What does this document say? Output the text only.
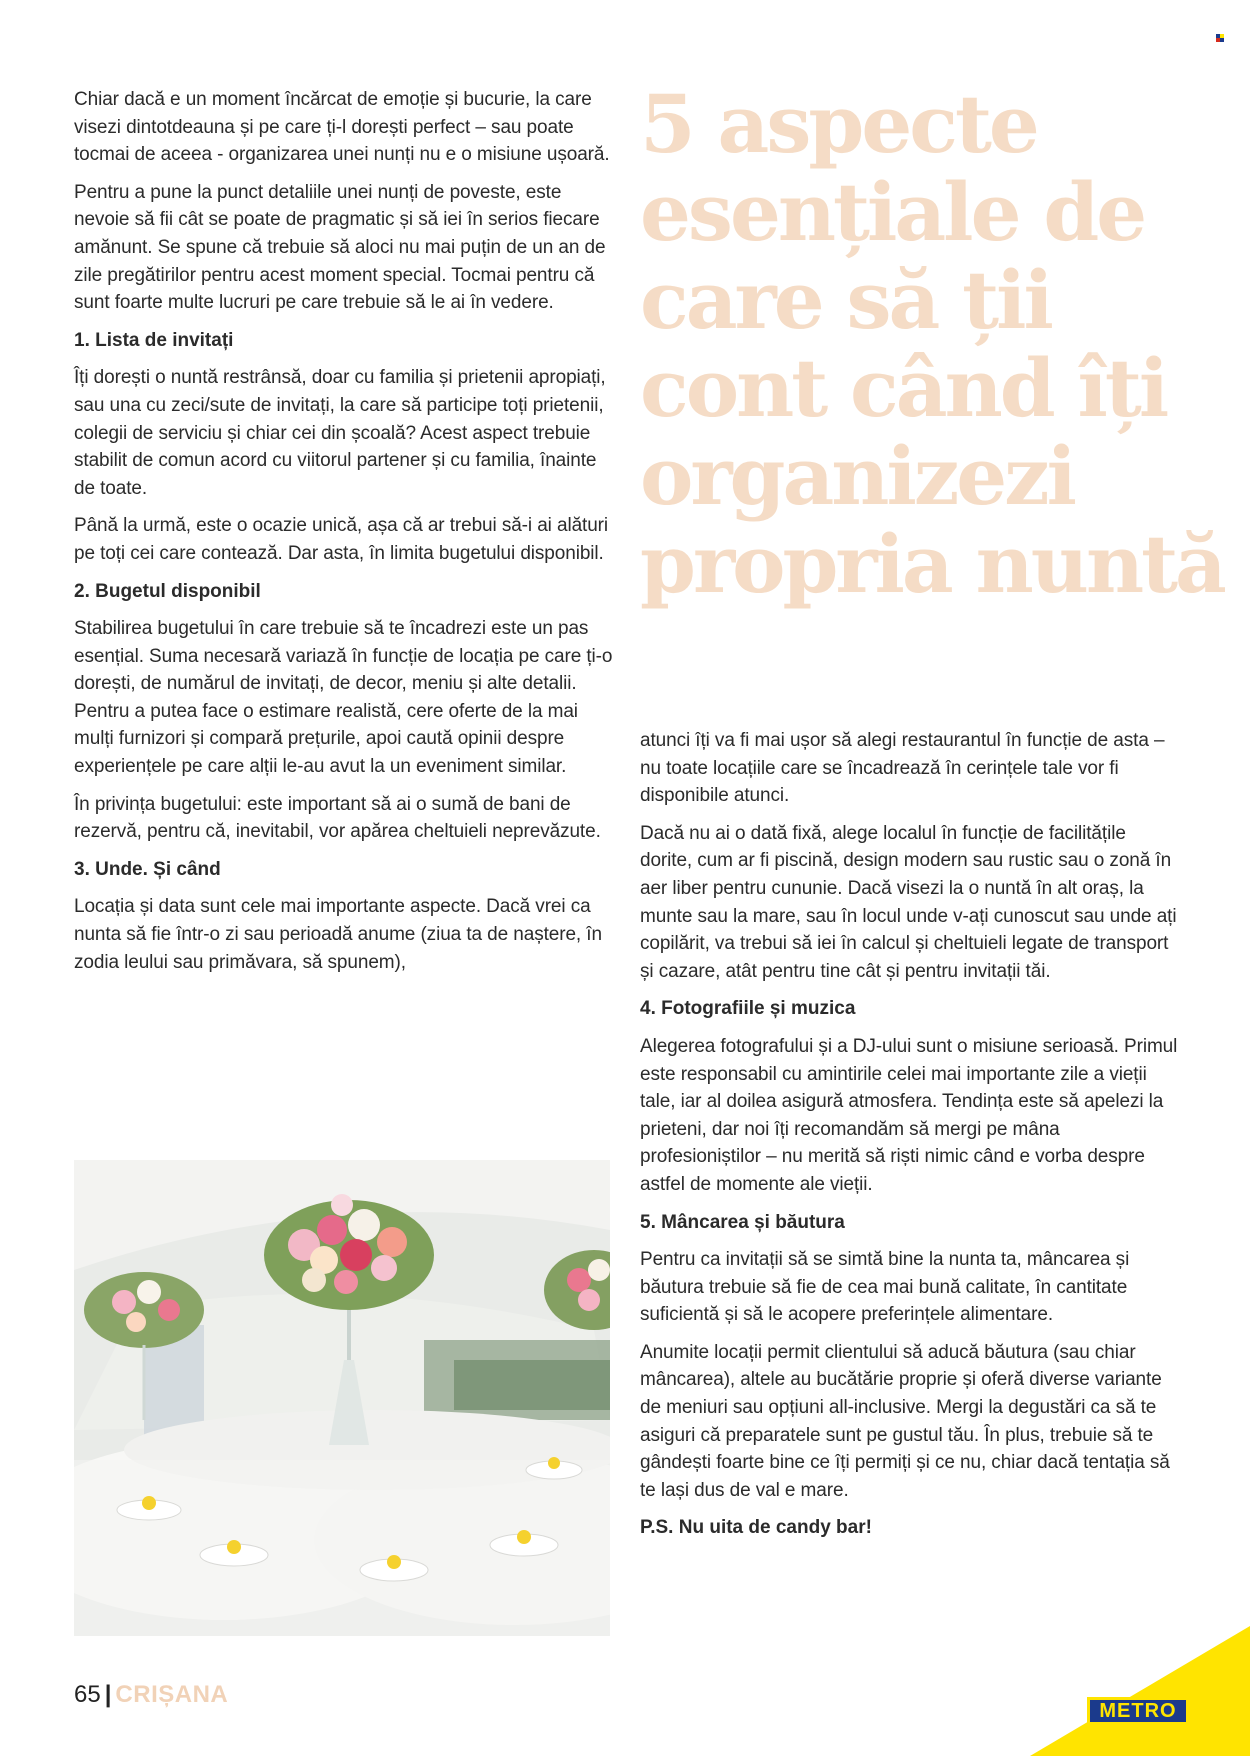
5 aspecte esențiale de care să ții cont când îți organizezi propria nuntă

Chiar dacă e un moment încărcat de emoție și bucurie, la care visezi dintotdeauna și pe care ți-l dorești perfect – sau poate tocmai de aceea - organizarea unei nunți nu e o misiune ușoară.

Pentru a pune la punct detaliile unei nunți de poveste, este nevoie să fii cât se poate de pragmatic și să iei în serios fiecare amănunt. Se spune că trebuie să aloci nu mai puțin de un an de zile pregătirilor pentru acest moment special. Tocmai pentru că sunt foarte multe lucruri pe care trebuie să le ai în vedere.

1. Lista de invitați

Îți dorești o nuntă restrânsă, doar cu familia și prietenii apropiați, sau una cu zeci/sute de invitați, la care să participe toți prietenii, colegii de serviciu și chiar cei din școală? Acest aspect trebuie stabilit de comun acord cu viitorul partener și cu familia, înainte de toate.

Până la urmă, este o ocazie unică, așa că ar trebui să-i ai alături pe toți cei care contează. Dar asta, în limita bugetului disponibil.

2. Bugetul disponibil

Stabilirea bugetului în care trebuie să te încadrezi este un pas esențial. Suma necesară variază în funcție de locația pe care ți-o dorești, de numărul de invitați, de decor, meniu și alte detalii. Pentru a putea face o estimare realistă, cere oferte de la mai mulți furnizori și compară prețurile, apoi caută opinii despre experiențele pe care alții le-au avut la un eveniment similar.

În privința bugetului: este important să ai o sumă de bani de rezervă, pentru că, inevitabil, vor apărea cheltuieli neprevăzute.

3. Unde. Și când

Locația și data sunt cele mai importante aspecte. Dacă vrei ca nunta să fie într-o zi sau perioadă anume (ziua ta de naștere, în zodia leului sau primăvara, să spunem),

atunci îți va fi mai ușor să alegi restaurantul în funcție de asta – nu toate locațiile care se încadrează în cerințele tale vor fi disponibile atunci.

Dacă nu ai o dată fixă, alege localul în funcție de facilitățile dorite, cum ar fi piscină, design modern sau rustic sau o zonă în aer liber pentru cununie. Dacă visezi la o nuntă în alt oraș, la munte sau la mare, sau în locul unde v-ați cunoscut sau unde ați copilărit, va trebui să iei în calcul și cheltuieli legate de transport și cazare, atât pentru tine cât și pentru invitații tăi.

4. Fotografiile și muzica

Alegerea fotografului și a DJ-ului sunt o misiune serioasă. Primul este responsabil cu amintirile celei mai importante zile a vieții tale, iar al doilea asigură atmosfera. Tendința este să apelezi la prieteni, dar noi îți recomandăm să mergi pe mâna profesioniștilor – nu merită să riști nimic când e vorba despre astfel de momente ale vieții.

5. Mâncarea și băutura

Pentru ca invitații să se simtă bine la nunta ta, mâncarea și băutura trebuie să fie de cea mai bună calitate, în cantitate suficientă și să le acopere preferințele alimentare.

Anumite locații permit clientului să aducă băutura (sau chiar mâncarea), altele au bucătărie proprie și oferă diverse variante de meniuri sau opțiuni all-inclusive. Mergi la degustări ca să te asiguri că preparatele sunt pe gustul tău. În plus, trebuie să te gândești foarte bine ce îți permiți și ce nu, chiar dacă tentația să te lași dus de val e mare.

P.S. Nu uita de candy bar!
65 | CRIȘANA
METRO
